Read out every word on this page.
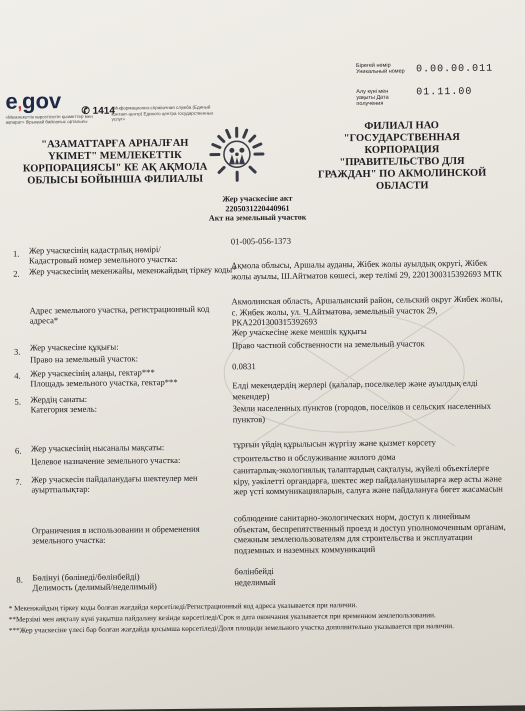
e,gov
«Мемлекеттік көрсетілетін қызметтер мен ақпарат» бірыңғай байланыс орталығы
✆ 1414
«Информационно-справочная служба (Единый контакт-центр) Единого центра государственных услуг»
Бірегей нөмір Уникальный номер	0.00.00.011
Алу күні мен уақыты Дата получения
01.11.00
"АЗАМАТТАРҒА АРНАЛҒАН ҮКІМЕТ" МЕМЛЕКЕТТІК КОРПОРАЦИЯСЫ" КЕ АҚ АҚМОЛА ОБЛЫСЫ БОЙЫНША ФИЛИАЛЫ
ФИЛИАЛ НАО "ГОСУДАРСТВЕННАЯ КОРПОРАЦИЯ "ПРАВИТЕЛЬСТВО ДЛЯ ГРАЖДАН" ПО АКМОЛИНСКОЙ ОБЛАСТИ
Жер учаскесіне акт
2205031220440961
Акт на земельный участок
1. Жер учаскесінің кадастрлық нөмірі/
Кадастровый номер земельного участка:
01-005-056-1373
2. Жер учаскесінің мекенжайы, мекенжайдың тіркеу коды*
Ақмола облысы, Аршалы ауданы, Жібек жолы ауылдық округі, Жібек жолы ауылы, Ш.Айтматов көшесі, жер телімі 29, 2201300315392693 МТК
Адрес земельного участка, регистрационный код адреса*
Акмолинская область, Аршалынский район, сельский округ Жибек жолы, с. Жибек жолы, ул. Ч.Айтматова, земельный участок 29, РКА2201300315392693
3. Жер учаскесіне құқығы:
Право на земельный участок:
Жер учаскесіне жеке меншік құқығы
Право частной собственности на земельный участок
4. Жер учаскесінің алаңы, гектар***
Площадь земельного участка, гектар***
0.0831
5. Жердің санаты:
Категория земель:
Елді мекендердің жерлері (қалалар, поселкелер және ауылдық елді мекендер)
Земли населенных пунктов (городов, поселков и сельских населенных пунктов)
6. Жер учаскесінің нысаналы мақсаты:
Целевое назначение земельного участка:
тұрғын үйдің құрылысын жүргізу және қызмет көрсету
строительство и обслуживание жилого дома
7. Жер учаскесін пайдаланудағы шектеулер мен ауыртпалықтар:
санитарлық-экологиялық талаптардың сақталуы, жүйелі объектілерге кіру, уәкілетті органдарға, шектес жер пайдаланушыларға жер асты және жер үсті коммуникацияларын, салуға және пайдалануға бөгет жасамасын
Ограничения в использовании и обременения земельного участка:
соблюдение санитарно-экологических норм, доступ к линейным объектам, беспрепятственный проезд и доступ уполномоченным органам, смежным землепользователям для строительства и эксплуатации подземных и наземных коммуникаций
8. Бөлінуі (бөлінеді/бөлінбейді)
Делимость (делимый/неделимый)
бөлінбейді
неделимый
* Мекенжайдың тіркеу коды болған жағдайда көрсетіледі/Регистрационный код адреса указывается при наличии.
**Мерзімі мен аяқталу күні уақытша пайдалану кезінде көрсетіледі/Срок и дата окончания указывается при временном землепользовании.
***Жер учаскесіне үлесі бар болған жағдайда қосымша көрсетіледі/Доля площади земельного участка дополнительно указывается при наличии.
